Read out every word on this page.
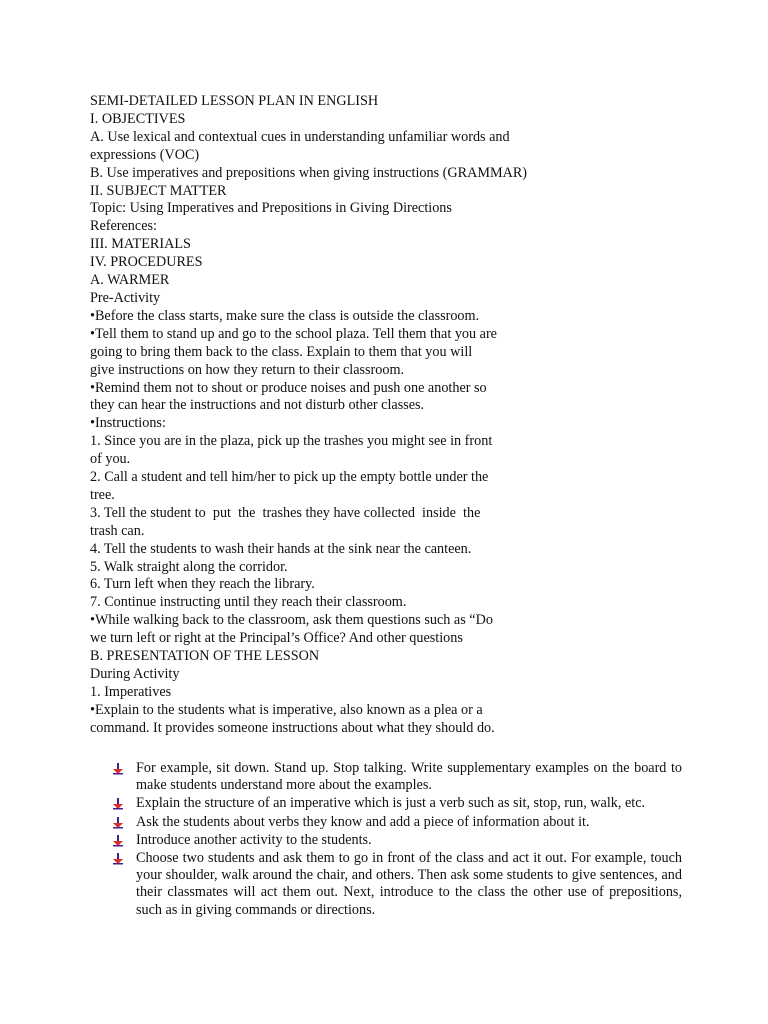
SEMI-DETAILED LESSON PLAN IN ENGLISH
I. OBJECTIVES
A. Use lexical and contextual cues in understanding unfamiliar words and
expressions (VOC)
B. Use imperatives and prepositions when giving instructions (GRAMMAR)
II. SUBJECT MATTER
Topic: Using Imperatives and Prepositions in Giving Directions
References:
III. MATERIALS
IV. PROCEDURES
A. WARMER
Pre-Activity
•Before the class starts, make sure the class is outside the classroom.
•Tell them to stand up and go to the school plaza. Tell them that you are
going to bring them back to the class. Explain to them that you will
give instructions on how they return to their classroom.
•Remind them not to shout or produce noises and push one another so
they can hear the instructions and not disturb other classes.
•Instructions:
1. Since you are in the plaza, pick up the trashes you might see in front
of you.
2. Call a student and tell him/her to pick up the empty bottle under the
tree.
3. Tell the student to  put  the  trashes they have collected  inside  the
trash can.
4. Tell the students to wash their hands at the sink near the canteen.
5. Walk straight along the corridor.
6. Turn left when they reach the library.
7. Continue instructing until they reach their classroom.
•While walking back to the classroom, ask them questions such as “Do
we turn left or right at the Principal’s Office? And other questions
B. PRESENTATION OF THE LESSON
During Activity
1. Imperatives
•Explain to the students what is imperative, also known as a plea or a
command. It provides someone instructions about what they should do.
For example, sit down. Stand up. Stop talking. Write supplementary examples on the board to make students understand more about the examples.
Explain the structure of an imperative which is just a verb such as sit, stop, run, walk, etc.
Ask the students about verbs they know and add a piece of information about it.
Introduce another activity to the students.
Choose two students and ask them to go in front of the class and act it out. For example, touch your shoulder, walk around the chair, and others. Then ask some students to give sentences, and their classmates will act them out. Next, introduce to the class the other use of prepositions, such as in giving commands or directions.
